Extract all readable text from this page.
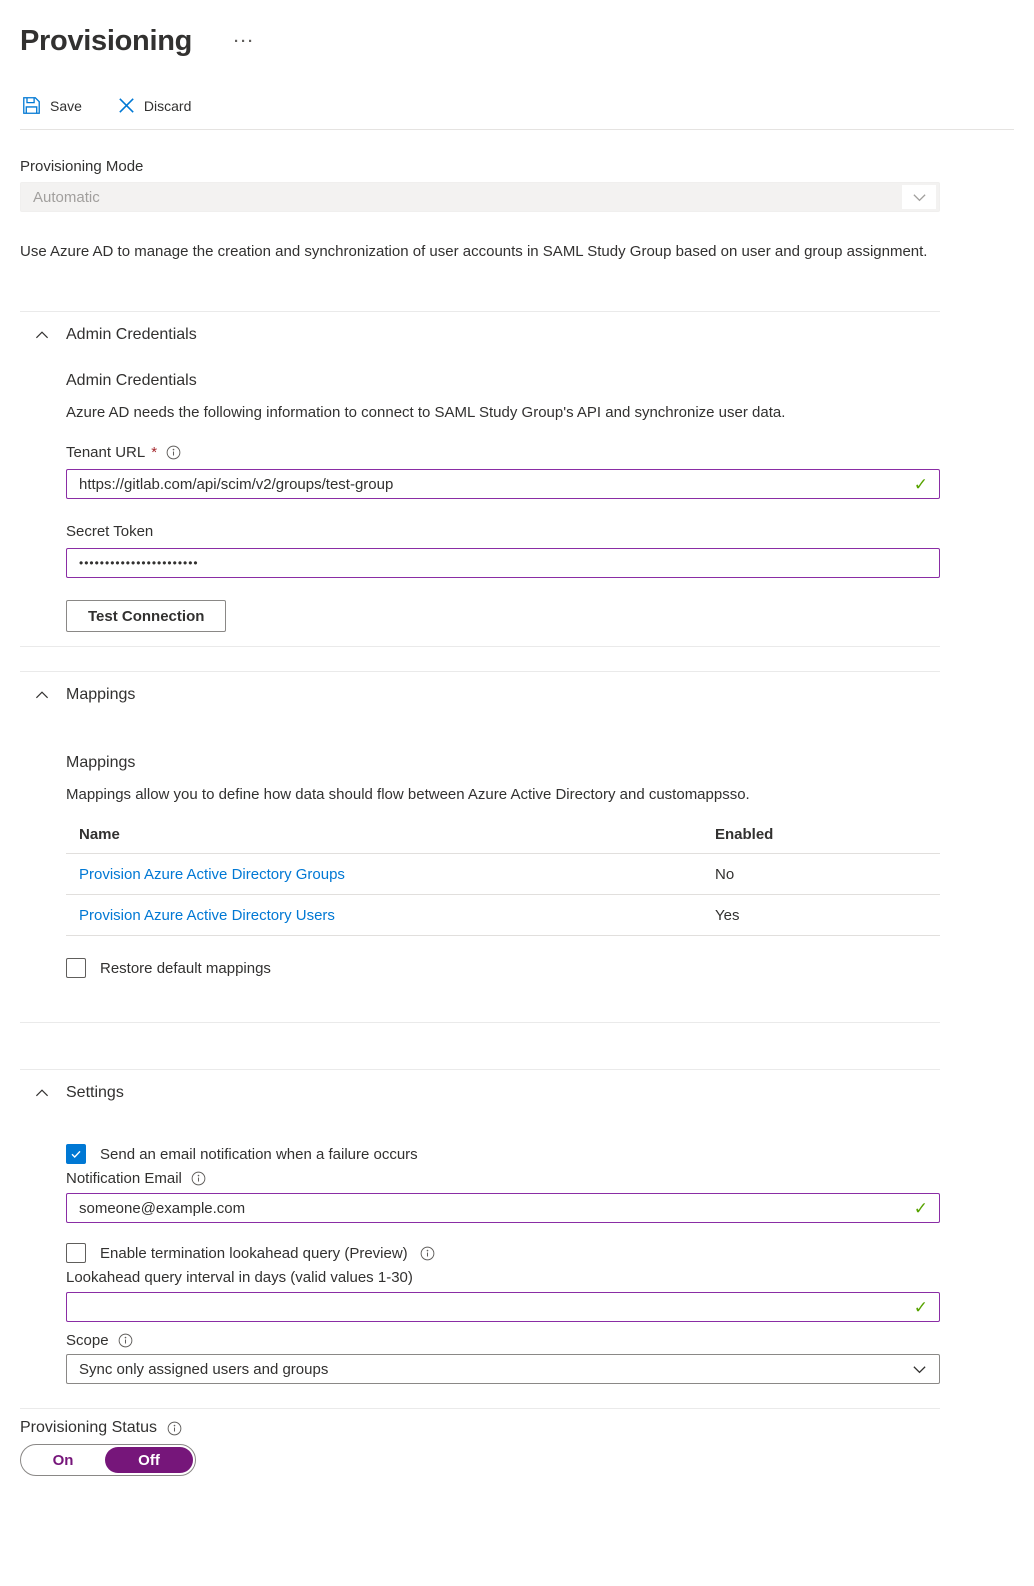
Provisioning	···
Save	Discard
Provisioning Mode
Automatic

Use Azure AD to manage the creation and synchronization of user accounts in SAML Study Group based on user and group assignment.

Admin Credentials
Admin Credentials
Azure AD needs the following information to connect to SAML Study Group's API and synchronize user data.
Tenant URL *
https://gitlab.com/api/scim/v2/groups/test-group
✓
Secret Token
•••••••••••••••••••••••
Test Connection
Mappings
Mappings
Mappings allow you to define how data should flow between Azure Active Directory and customappsso.
Name	Enabled
Provision Azure Active Directory Groups	No
Provision Azure Active Directory Users	Yes
Restore default mappings
Settings
Send an email notification when a failure occurs
Notification Email
someone@example.com
✓
Enable termination lookahead query (Preview)
Lookahead query interval in days (valid values 1-30)
✓
Scope
Sync only assigned users and groups
Provisioning Status
On	Off
